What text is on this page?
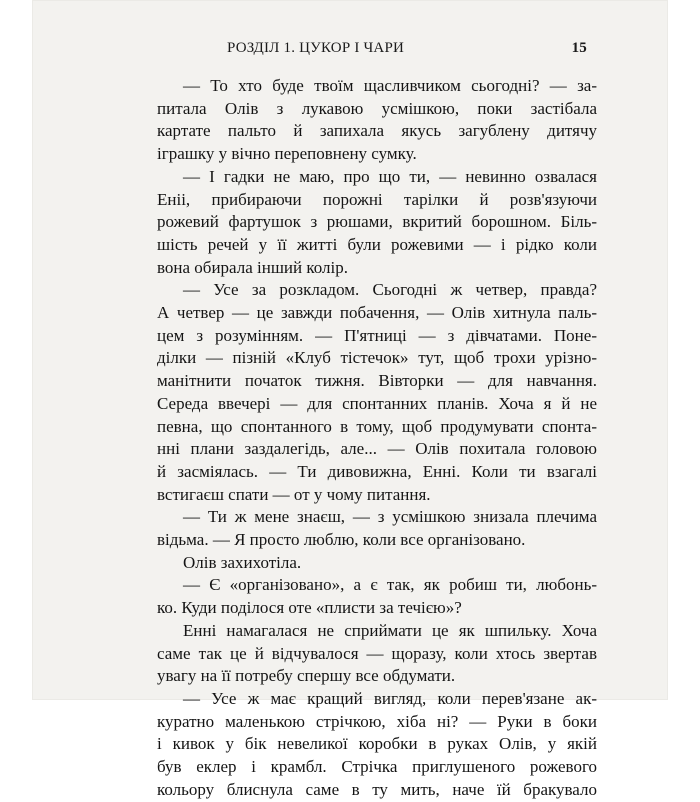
РОЗДІЛ 1. ЦУКОР І ЧАРИ	15
— То хто буде твоїм щасливчиком сьогодні? — за-
питала Олів з лукавою усмішкою, поки застібала
картате пальто й запихала якусь загублену дитячу
іграшку у вічно переповнену сумку.
— І гадки не маю, про що ти, — невинно озвалася
Еніі, прибираючи порожні тарілки й розв'язуючи
рожевий фартушок з рюшами, вкритий борошном. Біль-
шість речей у її житті були рожевими — і рідко коли
вона обирала інший колір.
— Усе за розкладом. Сьогодні ж четвер, правда?
А четвер — це завжди побачення, — Олів хитнула паль-
цем з розумінням. — П'ятниці — з дівчатами. Поне-
ділки — пізній «Клуб тістечок» тут, щоб трохи урізно-
манітнити початок тижня. Вівторки — для навчання.
Середа ввечері — для спонтанних планів. Хоча я й не
певна, що спонтанного в тому, щоб продумувати спонта-
нні плани заздалегідь, але... — Олів похитала головою
й засміялась. — Ти дивовижна, Енні. Коли ти взагалі
встигаєш спати — от у чому питання.
— Ти ж мене знаєш, — з усмішкою знизала плечима
відьма. — Я просто люблю, коли все організовано.
Олів захихотіла.
— Є «організовано», а є так, як робиш ти, любонь-
ко. Куди поділося оте «плисти за течією»?
Енні намагалася не сприймати це як шпильку. Хоча
саме так це й відчувалося — щоразу, коли хтось звертав
увагу на її потребу спершу все обдумати.
— Усе ж має кращий вигляд, коли перев'язане ак-
куратно маленькою стрічкою, хіба ні? — Руки в боки
і кивок у бік невеликої коробки в руках Олів, у якій
був еклер і крамбл. Стрічка приглушеного рожевого
кольору блиснула саме в ту мить, наче їй бракувало
